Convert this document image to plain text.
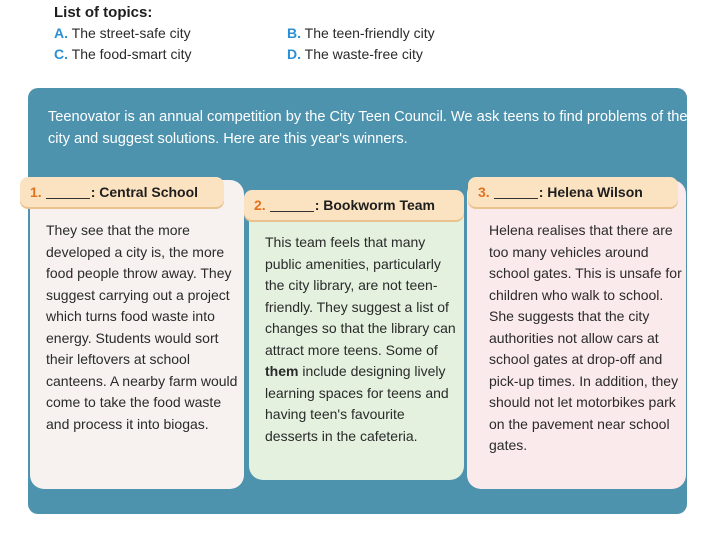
List of topics:
A. The street-safe city	B. The teen-friendly city
C. The food-smart city	D. The waste-free city
Teenovator is an annual competition by the City Teen Council. We ask teens to find problems of the city and suggest solutions. Here are this year's winners.
1.	: Central School
2.	: Bookworm Team
3.	: Helena Wilson
They see that the more developed a city is, the more food people throw away. They suggest carrying out a project which turns food waste into energy. Students would sort their leftovers at school canteens. A nearby farm would come to take the food waste and process it into biogas.
This team feels that many public amenities, particularly the city library, are not teen-friendly. They suggest a list of changes so that the library can attract more teens. Some of them include designing lively learning spaces for teens and having teen's favourite desserts in the cafeteria.
Helena realises that there are too many vehicles around school gates. This is unsafe for children who walk to school. She suggests that the city authorities not allow cars at school gates at drop-off and pick-up times. In addition, they should not let motorbikes park on the pavement near school gates.
